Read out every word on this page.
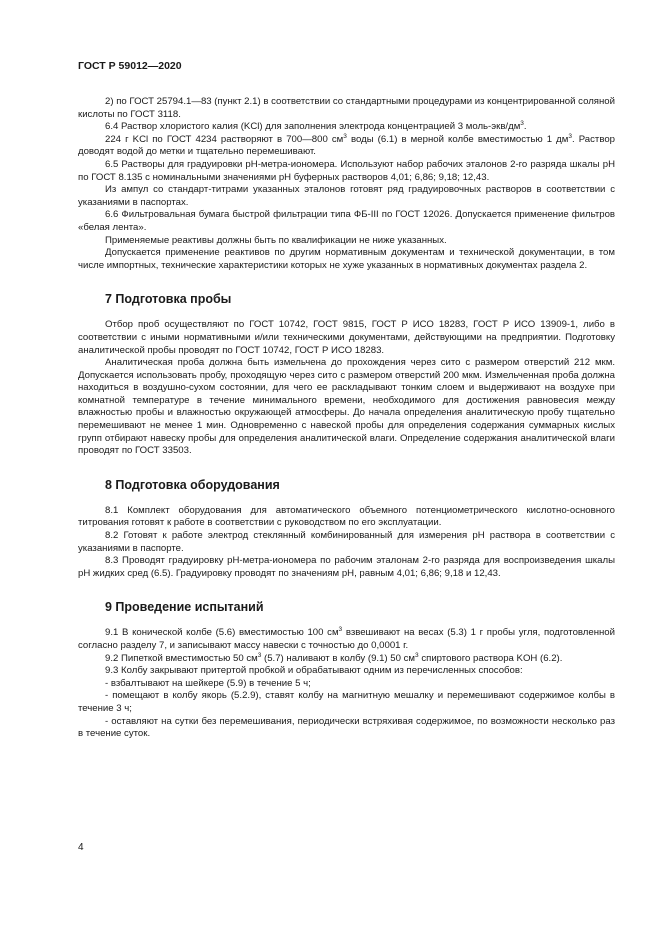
ГОСТ Р 59012—2020

2) по ГОСТ 25794.1—83 (пункт 2.1) в соответствии со стандартными процедурами из концентрированной соляной кислоты по ГОСТ 3118.

6.4 Раствор хлористого калия (KCl) для заполнения электрода концентрацией 3 моль-$экв/дм^3$.

224 г KCl по ГОСТ 4234 растворяют в 700—800 $см^3$ воды (6.1) в мерной колбе вместимостью 1 $дм^3$. Раствор доводят водой до метки и тщательно перемешивают.

6.5 Растворы для градуировки pH-метра-иономера. Используют набор рабочих эталонов 2-го разряда шкалы pH по ГОСТ 8.135 с номинальными значениями pH буферных растворов 4,01; 6,86; 9,18; 12,43.

Из ампул со стандарт-титрами указанных эталонов готовят ряд градуировочных растворов в соответствии с указаниями в паспортах.

6.6 Фильтровальная бумага быстрой фильтрации типа ФБ-III по ГОСТ 12026. Допускается применение фильтров «белая лента».

Применяемые реактивы должны быть по квалификации не ниже указанных.

Допускается применение реактивов по другим нормативным документам и технической документации, в том числе импортных, технические характеристики которых не хуже указанных в нормативных документах раздела 2.

7 Подготовка пробы

Отбор проб осуществляют по ГОСТ 10742, ГОСТ 9815, ГОСТ Р ИСО 18283, ГОСТ Р ИСО 13909-1, либо в соответствии с иными нормативными и/или техническими документами, действующими на предприятии. Подготовку аналитической пробы проводят по ГОСТ 10742, ГОСТ Р ИСО 18283.

Аналитическая проба должна быть измельчена до прохождения через сито с размером отверстий 212 мкм. Допускается использовать пробу, проходящую через сито с размером отверстий 200 мкм. Измельченная проба должна находиться в воздушно-сухом состоянии, для чего ее раскладывают тонким слоем и выдерживают на воздухе при комнатной температуре в течение минимального времени, необходимого для достижения равновесия между влажностью пробы и влажностью окружающей атмосферы. До начала определения аналитическую пробу тщательно перемешивают не менее 1 мин. Одновременно с навеской пробы для определения содержания суммарных кислых групп отбирают навеску пробы для определения аналитической влаги. Определение содержания аналитической влаги проводят по ГОСТ 33503.

8 Подготовка оборудования

8.1 Комплект оборудования для автоматического объемного потенциометрического кислотно-основного титрования готовят к работе в соответствии с руководством по его эксплуатации.

8.2 Готовят к работе электрод стеклянный комбинированный для измерения pH раствора в соответствии с указаниями в паспорте.

8.3 Проводят градуировку pH-метра-иономера по рабочим эталонам 2-го разряда для воспроизведения шкалы pH жидких сред (6.5). Градуировку проводят по значениям pH, равным 4,01; 6,86; 9,18 и 12,43.

9 Проведение испытаний

9.1 В конической колбе (5.6) вместимостью 100 $см^3$ взвешивают на весах (5.3) 1 г пробы угля, подготовленной согласно разделу 7, и записывают массу навески с точностью до 0,0001 г.

9.2 Пипеткой вместимостью 50 $см^3$ (5.7) наливают в колбу (9.1) 50 $см^3$ спиртового раствора KOH (6.2).

9.3 Колбу закрывают притертой пробкой и обрабатывают одним из перечисленных способов:

- взбалтывают на шейкере (5.9) в течение 5 ч;

- помещают в колбу якорь (5.2.9), ставят колбу на магнитную мешалку и перемешивают содержимое колбы в течение 3 ч;

- оставляют на сутки без перемешивания, периодически встряхивая содержимое, по возможности несколько раз в течение суток.

4
